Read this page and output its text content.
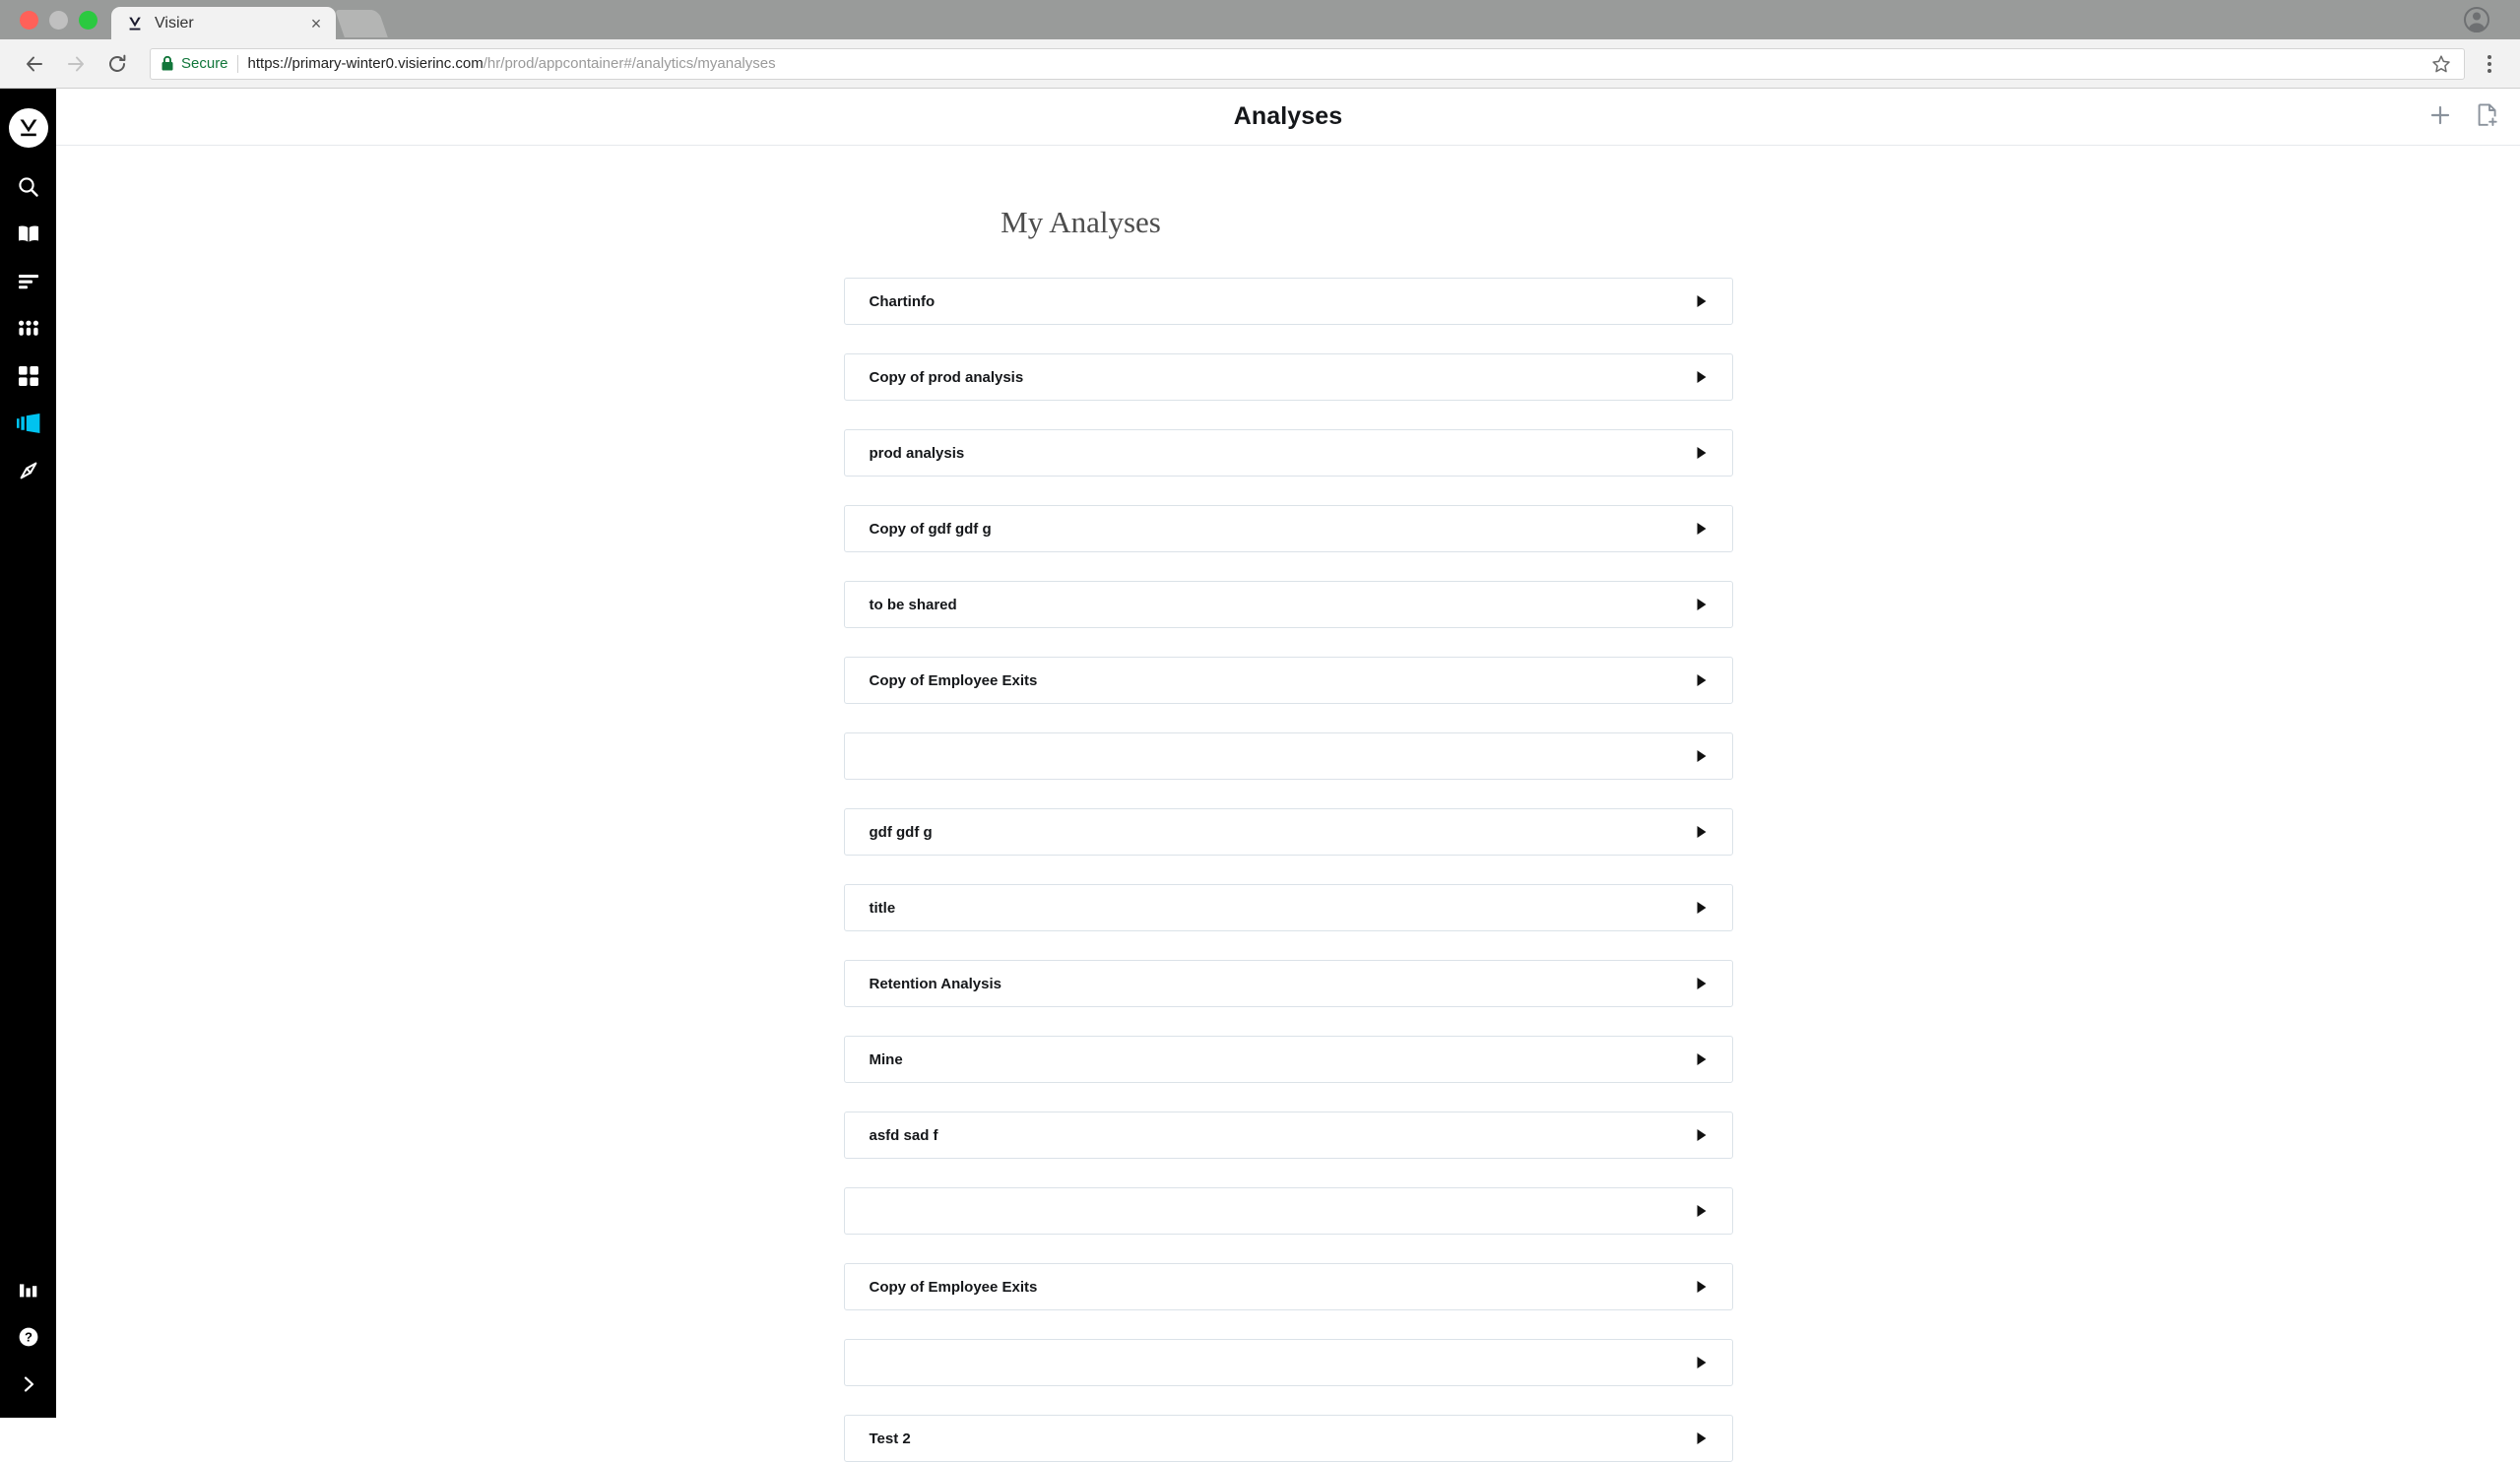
Visier	×
Secure https://primary-winter0.visierinc.com/hr/prod/appcontainer#/analytics/myanalyses
?
Analyses
My Analyses
Chartinfo
Copy of prod analysis
prod analysis
Copy of gdf gdf g
to be shared
Copy of Employee Exits
gdf gdf g
title
Retention Analysis
Mine
asfd sad f
Copy of Employee Exits
Test 2
